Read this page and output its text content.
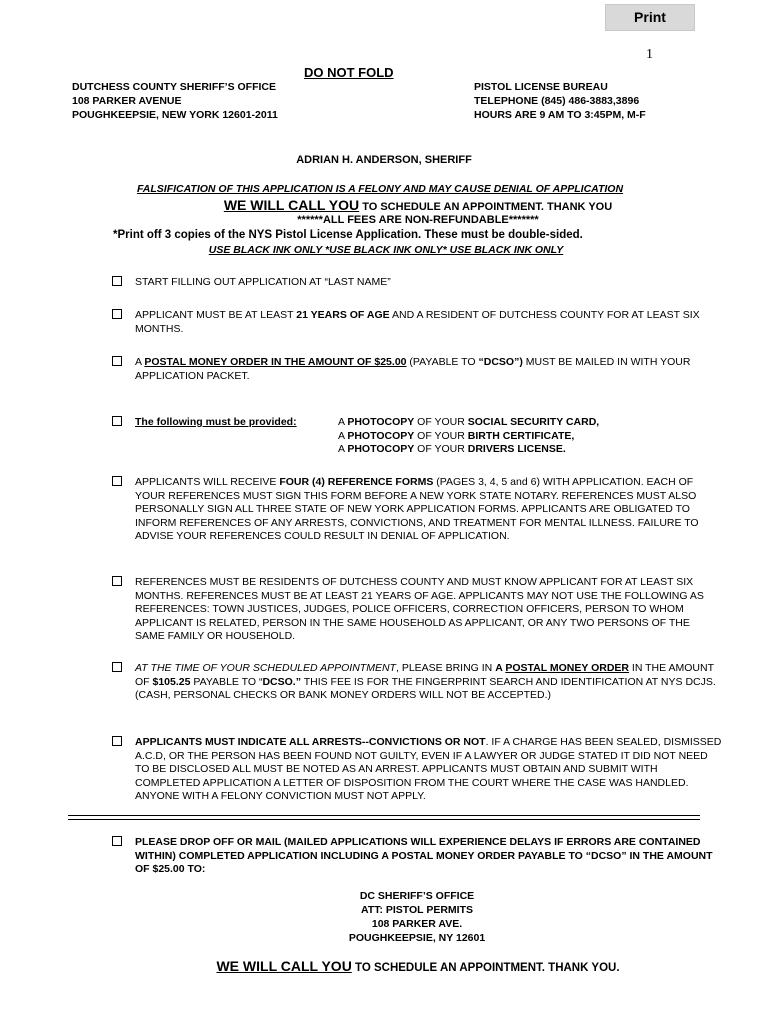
Print
1
DO NOT FOLD
DUTCHESS COUNTY SHERIFF’S OFFICE
108 PARKER AVENUE
POUGHKEEPSIE, NEW YORK 12601-2011
PISTOL LICENSE BUREAU
TELEPHONE (845) 486-3883,3896
HOURS ARE 9 AM TO 3:45PM, M-F
ADRIAN H. ANDERSON, SHERIFF
FALSIFICATION OF THIS APPLICATION IS A FELONY AND MAY CAUSE DENIAL OF APPLICATION
WE WILL CALL YOU TO SCHEDULE AN APPOINTMENT. THANK YOU
******ALL FEES ARE NON-REFUNDABLE*******
*Print off 3 copies of the NYS Pistol License Application. These must be double-sided.
USE BLACK INK ONLY *USE BLACK INK ONLY* USE BLACK INK ONLY
START FILLING OUT APPLICATION AT “LAST NAME”
APPLICANT MUST BE AT LEAST 21 YEARS OF AGE AND A RESIDENT OF DUTCHESS COUNTY FOR AT LEAST SIX MONTHS.
A POSTAL MONEY ORDER IN THE AMOUNT OF $25.00 (PAYABLE TO “DCSO”) MUST BE MAILED IN WITH YOUR APPLICATION PACKET.
The following must be provided:	A PHOTOCOPY OF YOUR SOCIAL SECURITY CARD,
A PHOTOCOPY OF YOUR BIRTH CERTIFICATE,
A PHOTOCOPY OF YOUR DRIVERS LICENSE.
APPLICANTS WILL RECEIVE FOUR (4) REFERENCE FORMS (PAGES 3, 4, 5 and 6) WITH APPLICATION. EACH OF YOUR REFERENCES MUST SIGN THIS FORM BEFORE A NEW YORK STATE NOTARY. REFERENCES MUST ALSO PERSONALLY SIGN ALL THREE STATE OF NEW YORK APPLICATION FORMS. APPLICANTS ARE OBLIGATED TO INFORM REFERENCES OF ANY ARRESTS, CONVICTIONS, AND TREATMENT FOR MENTAL ILLNESS. FAILURE TO ADVISE YOUR REFERENCES COULD RESULT IN DENIAL OF APPLICATION.
REFERENCES MUST BE RESIDENTS OF DUTCHESS COUNTY AND MUST KNOW APPLICANT FOR AT LEAST SIX MONTHS. REFERENCES MUST BE AT LEAST 21 YEARS OF AGE. APPLICANTS MAY NOT USE THE FOLLOWING AS REFERENCES: TOWN JUSTICES, JUDGES, POLICE OFFICERS, CORRECTION OFFICERS, PERSON TO WHOM APPLICANT IS RELATED, PERSON IN THE SAME HOUSEHOLD AS APPLICANT, OR ANY TWO PERSONS OF THE SAME FAMILY OR HOUSEHOLD.
AT THE TIME OF YOUR SCHEDULED APPOINTMENT, PLEASE BRING IN A POSTAL MONEY ORDER IN THE AMOUNT OF $105.25 PAYABLE TO “DCSO.” THIS FEE IS FOR THE FINGERPRINT SEARCH AND IDENTIFICATION AT NYS DCJS. (CASH, PERSONAL CHECKS OR BANK MONEY ORDERS WILL NOT BE ACCEPTED.)
APPLICANTS MUST INDICATE ALL ARRESTS--CONVICTIONS OR NOT. IF A CHARGE HAS BEEN SEALED, DISMISSED A.C.D, OR THE PERSON HAS BEEN FOUND NOT GUILTY, EVEN IF A LAWYER OR JUDGE STATED IT DID NOT NEED TO BE DISCLOSED ALL MUST BE NOTED AS AN ARREST. APPLICANTS MUST OBTAIN AND SUBMIT WITH COMPLETED APPLICATION A LETTER OF DISPOSITION FROM THE COURT WHERE THE CASE WAS HANDLED. ANYONE WITH A FELONY CONVICTION MUST NOT APPLY.
PLEASE DROP OFF OR MAIL (MAILED APPLICATIONS WILL EXPERIENCE DELAYS IF ERRORS ARE CONTAINED WITHIN) COMPLETED APPLICATION INCLUDING A POSTAL MONEY ORDER PAYABLE TO “DCSO” IN THE AMOUNT OF $25.00 TO:
DC SHERIFF’S OFFICE
ATT: PISTOL PERMITS
108 PARKER AVE.
POUGHKEEPSIE, NY 12601
WE WILL CALL YOU TO SCHEDULE AN APPOINTMENT. THANK YOU.
